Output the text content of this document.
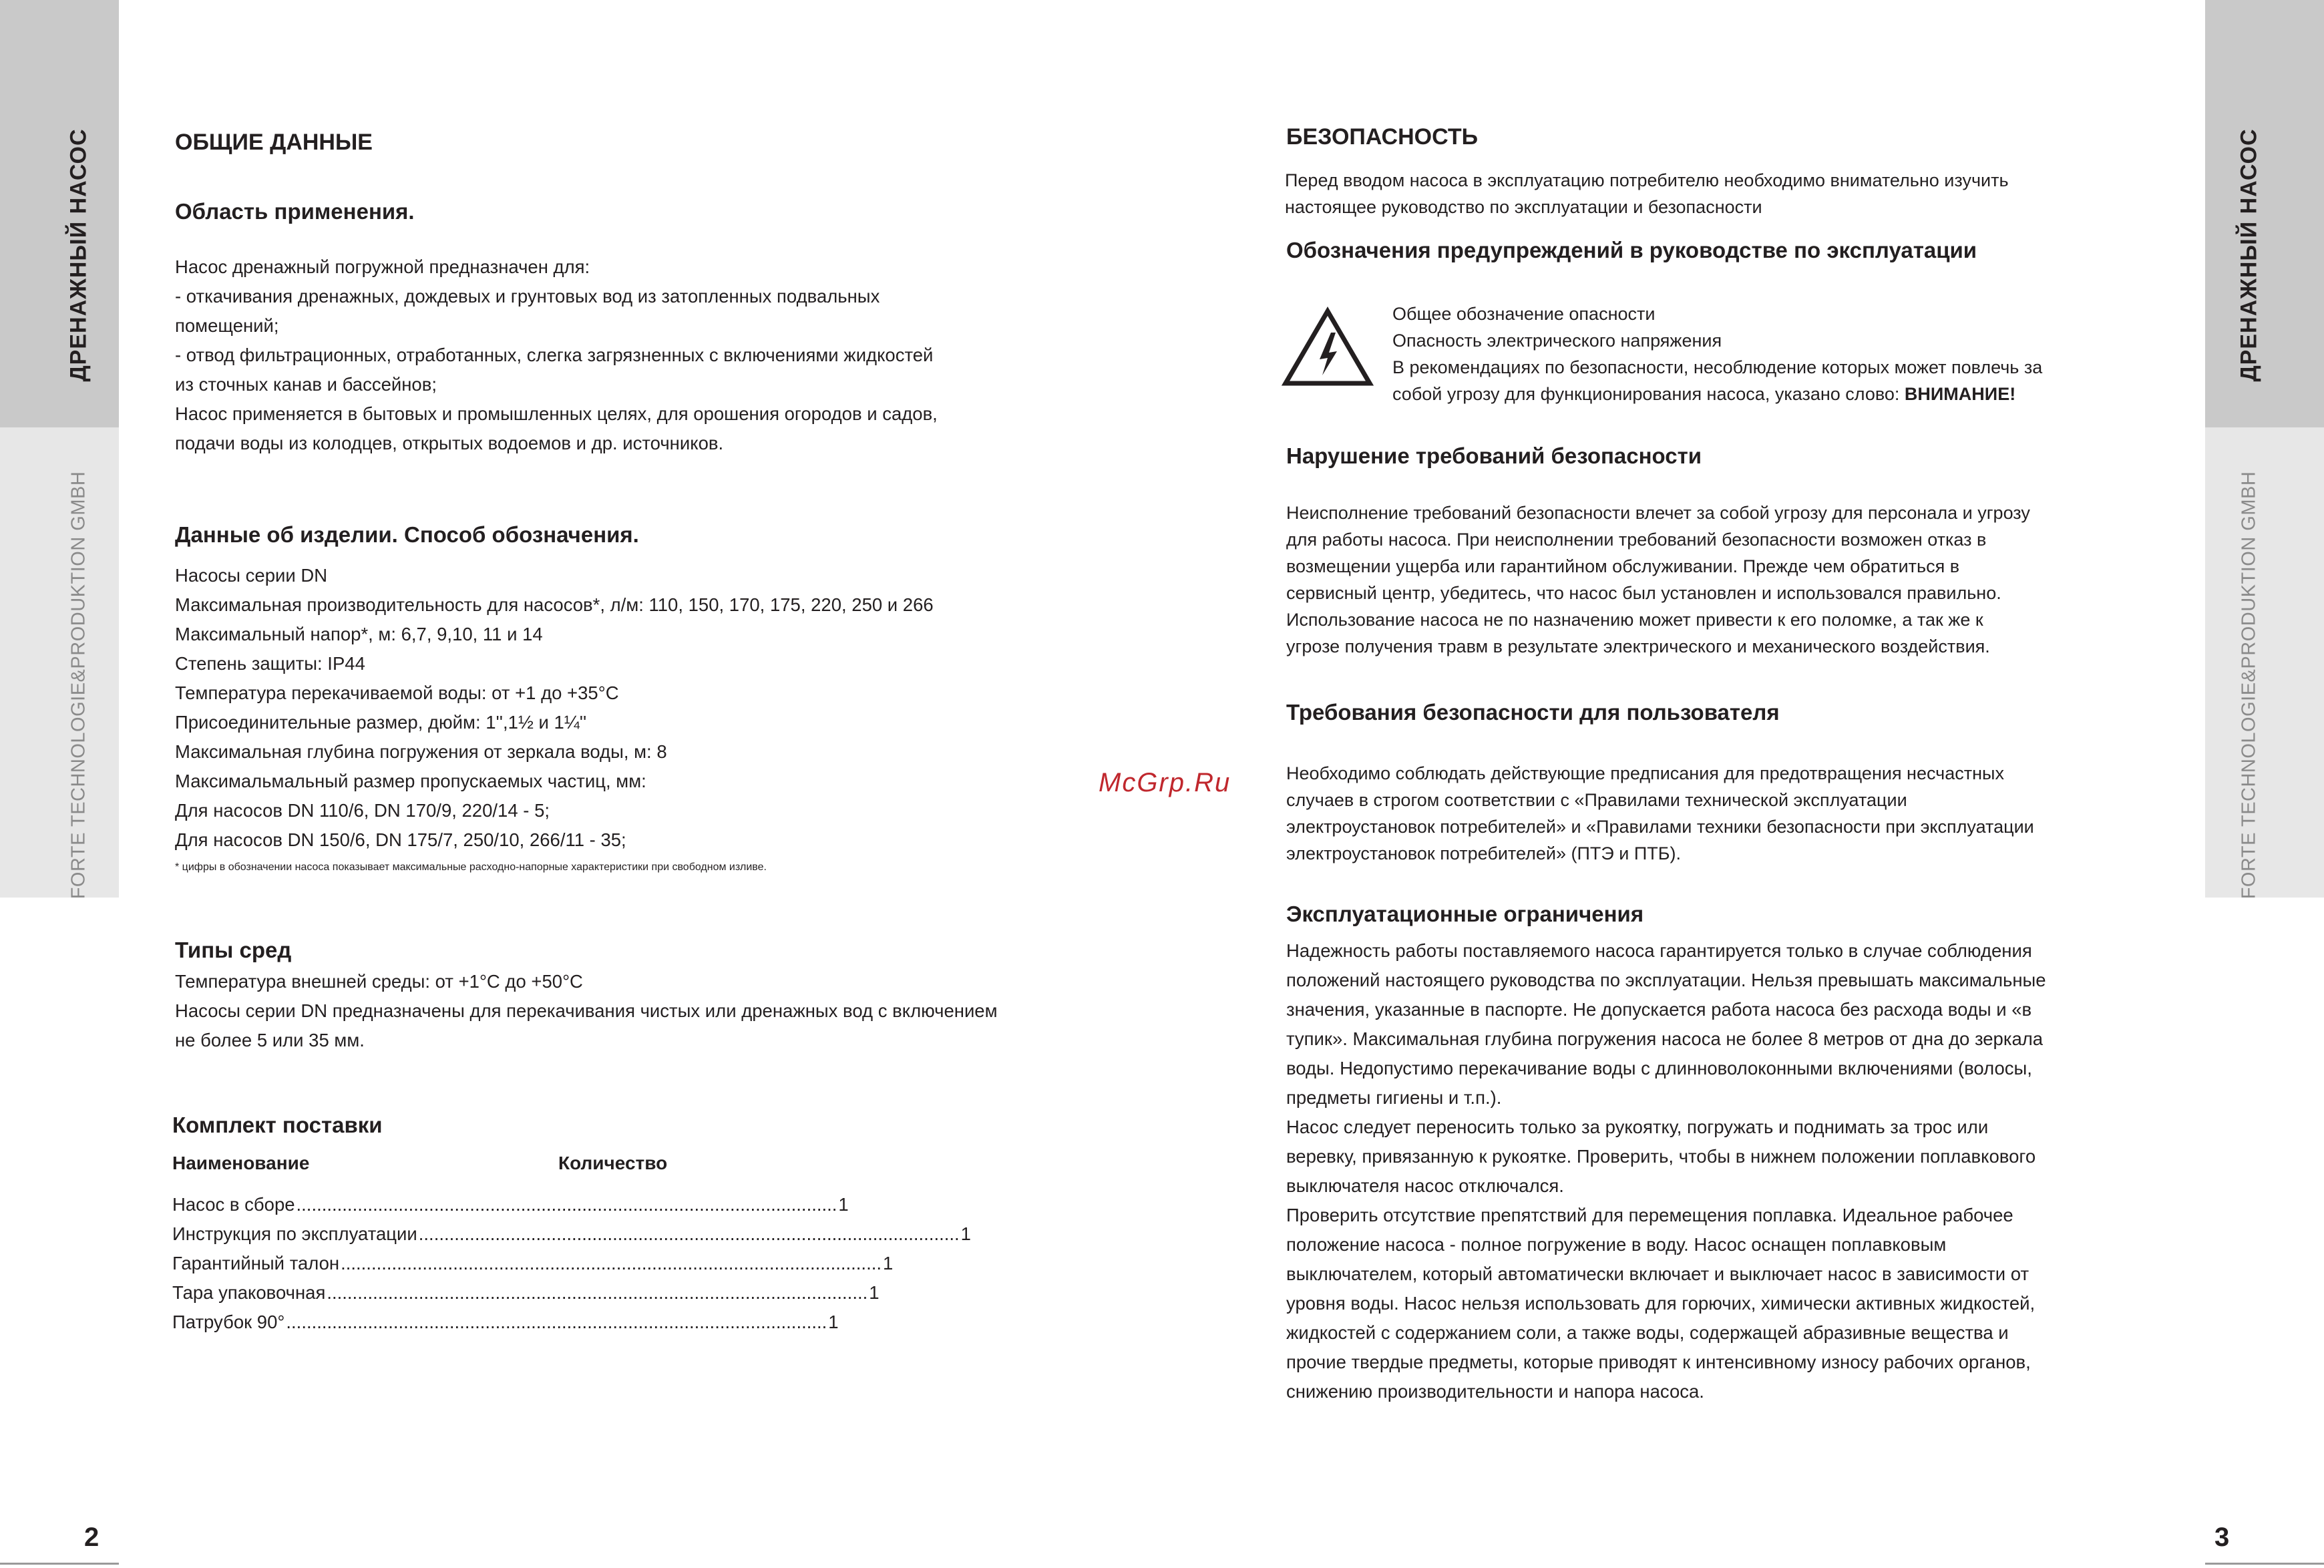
ДРЕНАЖНЫЙ НАСОС
FORTE TECHNOLOGIE&PRODUKTION GMBH
2
ДРЕНАЖНЫЙ НАСОС
FORTE TECHNOLOGIE&PRODUKTION GMBH
3
McGrp.Ru
ОБЩИЕ ДАННЫЕ
Область применения.

Насос дренажный погружной предназначен для:

- откачивания дренажных, дождевых и грунтовых вод из затопленных подвальных

помещений;

- отвод фильтрационных, отработанных, слегка загрязненных с включениями жидкостей

из сточных канав и бассейнов;

Насос применяется в бытовых и промышленных целях, для орошения огородов и садов,

подачи воды из колодцев, открытых водоемов и др. источников.

Данные об изделии. Способ обозначения.

Насосы серии DN

Максимальная производительность для насосов*, л/м: 110, 150, 170, 175, 220, 250 и 266

Максимальный напор*, м: 6,7, 9,10, 11 и 14

Степень защиты: IP44

Температура перекачиваемой воды: от +1 до +35°С

Присоединительные размер, дюйм: 1'',1½ и 1¼''

Максимальная глубина погружения от зеркала воды, м: 8

Максимальмальный размер пропускаемых частиц, мм:

Для насосов DN 110/6, DN 170/9, 220/14 - 5;

Для насосов DN 150/6, DN 175/7, 250/10, 266/11 - 35;

* цифры в обозначении насоса показывает максимальные расходно-напорные характеристики при свободном изливе.

Типы сред

Температура внешней среды: от +1°С до +50°С

Насосы серии DN предназначены для перекачивания чистых или дренажных вод с включением

не более 5 или 35 мм.

Комплект поставки
Наименование	Количество
Насос в сборе .......................................................................................................... 1
Инструкция по эксплуатации .......................................................................................................... 1
Гарантийный талон .......................................................................................................... 1
Тара упаковочная .......................................................................................................... 1
Патрубок 90° .......................................................................................................... 1
БЕЗОПАСНОСТЬ

Перед вводом насоса в эксплуатацию потребителю необходимо внимательно изучить

настоящее руководство по эксплуатации и безопасности

Обозначения предупреждений в руководстве по эксплуатации

Общее обозначение опасности

Опасность электрического напряжения

В рекомендациях по безопасности, несоблюдение которых может повлечь за

собой угрозу для функционирования насоса, указано слово: ВНИМАНИЕ!

Нарушение требований безопасности

Неисполнение требований безопасности влечет за собой угрозу для персонала и угрозу

для работы насоса. При неисполнении требований безопасности возможен отказ в

возмещении ущерба или гарантийном обслуживании. Прежде чем обратиться в

сервисный центр, убедитесь, что насос был установлен и использовался правильно.

Использование насоса не по назначению может привести к его поломке, а так же к

угрозе получения травм в результате электрического и механического воздействия.

Требования безопасности для пользователя

Необходимо соблюдать действующие предписания для предотвращения несчастных

случаев в строгом соответствии с «Правилами технической эксплуатации

электроустановок потребителей» и «Правилами техники безопасности при эксплуатации

электроустановок потребителей» (ПТЭ и ПТБ).

Эксплуатационные ограничения

Надежность работы поставляемого насоса гарантируется только в случае соблюдения

положений настоящего руководства по эксплуатации. Нельзя превышать максимальные

значения, указанные в паспорте. Не допускается работа насоса без расхода воды и «в

тупик». Максимальная глубина погружения насоса не более 8 метров от дна до зеркала

воды. Недопустимо перекачивание воды с длинноволоконными включениями (волосы,

предметы гигиены и т.п.).

Насос следует переносить только за рукоятку, погружать и поднимать за трос или

веревку, привязанную к рукоятке. Проверить, чтобы в нижнем положении поплавкового

выключателя насос отключался.

Проверить отсутствие препятствий для перемещения поплавка. Идеальное рабочее

положение насоса - полное погружение в воду. Насос оснащен поплавковым

выключателем, который автоматически включает и выключает насос в зависимости от

уровня воды. Насос нельзя использовать для горючих, химически активных жидкостей,

жидкостей с содержанием соли, а также воды, содержащей абразивные вещества и

прочие твердые предметы, которые приводят к интенсивному износу рабочих органов,

снижению производительности и напора насоса.
